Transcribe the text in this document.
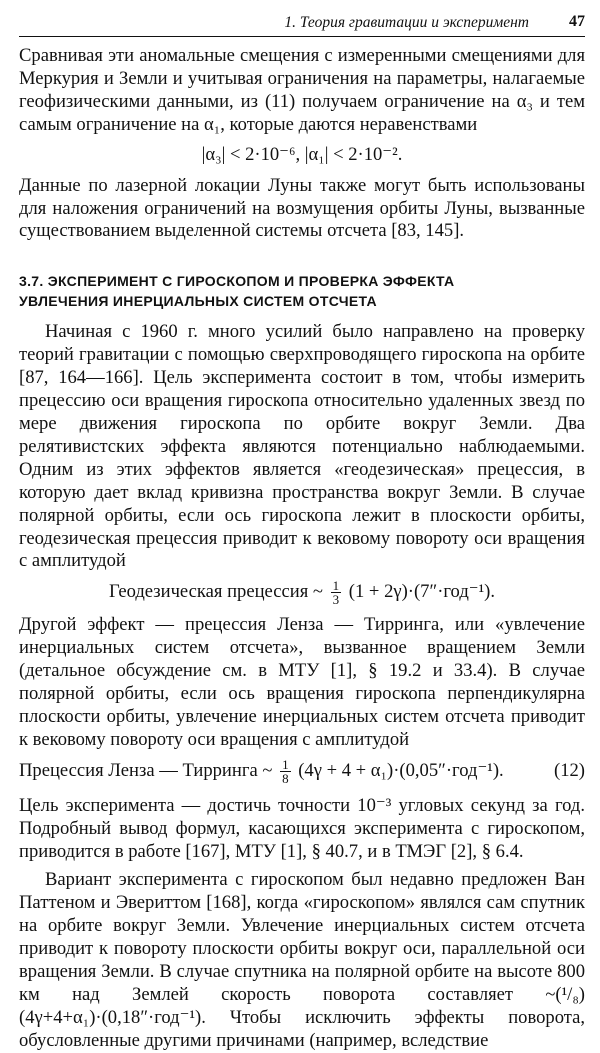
1. Теория гравитации и эксперимент	47

Сравнивая эти аномальные смещения с измеренными смещениями для Меркурия и Земли и учитывая ограничения на параметры, налагаемые геофизическими данными, из (11) получаем ограничение на α₃ и тем самым ограничение на α₁, которые даются неравенствами

|α₃| < 2·10⁻⁶, |α₁| < 2·10⁻².

Данные по лазерной локации Луны также могут быть использованы для наложения ограничений на возмущения орбиты Луны, вызванные существованием выделенной системы отсчета [83, 145].

3.7. ЭКСПЕРИМЕНТ С ГИРОСКОПОМ И ПРОВЕРКА ЭФФЕКТА
УВЛЕЧЕНИЯ ИНЕРЦИАЛЬНЫХ СИСТЕМ ОТСЧЕТА

Начиная с 1960 г. много усилий было направлено на проверку теорий гравитации с помощью сверхпроводящего гироскопа на орбите [87, 164—166]. Цель эксперимента состоит в том, чтобы измерить прецессию оси вращения гироскопа относительно удаленных звезд по мере движения гироскопа по орбите вокруг Земли. Два релятивистских эффекта являются потенциально наблюдаемыми. Одним из этих эффектов является «геодезическая» прецессия, в которую дает вклад кривизна пространства вокруг Земли. В случае полярной орбиты, если ось гироскопа лежит в плоскости орбиты, геодезическая прецессия приводит к вековому повороту оси вращения с амплитудой

Геодезическая прецессия ~ $\frac{1}{3} (1 + 2\gamma)\cdot(7''\cdot год^{-1})$.

Другой эффект — прецессия Ленза — Тирринга, или «увлечение инерциальных систем отсчета», вызванное вращением Земли (детальное обсуждение см. в МТУ [1], § 19.2 и 33.4). В случае полярной орбиты, если ось вращения гироскопа перпендикулярна плоскости орбиты, увлечение инерциальных систем отсчета приводит к вековому повороту оси вращения с амплитудой

Прецессия Ленза — Тирринга ~ $\frac{1}{8} (4\gamma + 4 + \alpha_1)\cdot(0,05''\cdot год^{-1})$.	(12)

Цель эксперимента — достичь точности 10⁻³ угловых секунд за год. Подробный вывод формул, касающихся эксперимента с гироскопом, приводится в работе [167], МТУ [1], § 40.7, и в ТМЭГ [2], § 6.4.

Вариант эксперимента с гироскопом был недавно предложен Ван Паттеном и Эвериттом [168], когда «гироскопом» являлся сам спутник на орбите вокруг Земли. Увлечение инерциальных систем отсчета приводит к повороту плоскости орбиты вокруг оси, параллельной оси вращения Земли. В случае спутника на полярной орбите на высоте 800 км над Землей скорость поворота составляет ~(¹/₈)(4γ+4+α₁)·(0,18″·год⁻¹). Чтобы исключить эффекты поворота, обусловленные другими причинами (например, вследствие
